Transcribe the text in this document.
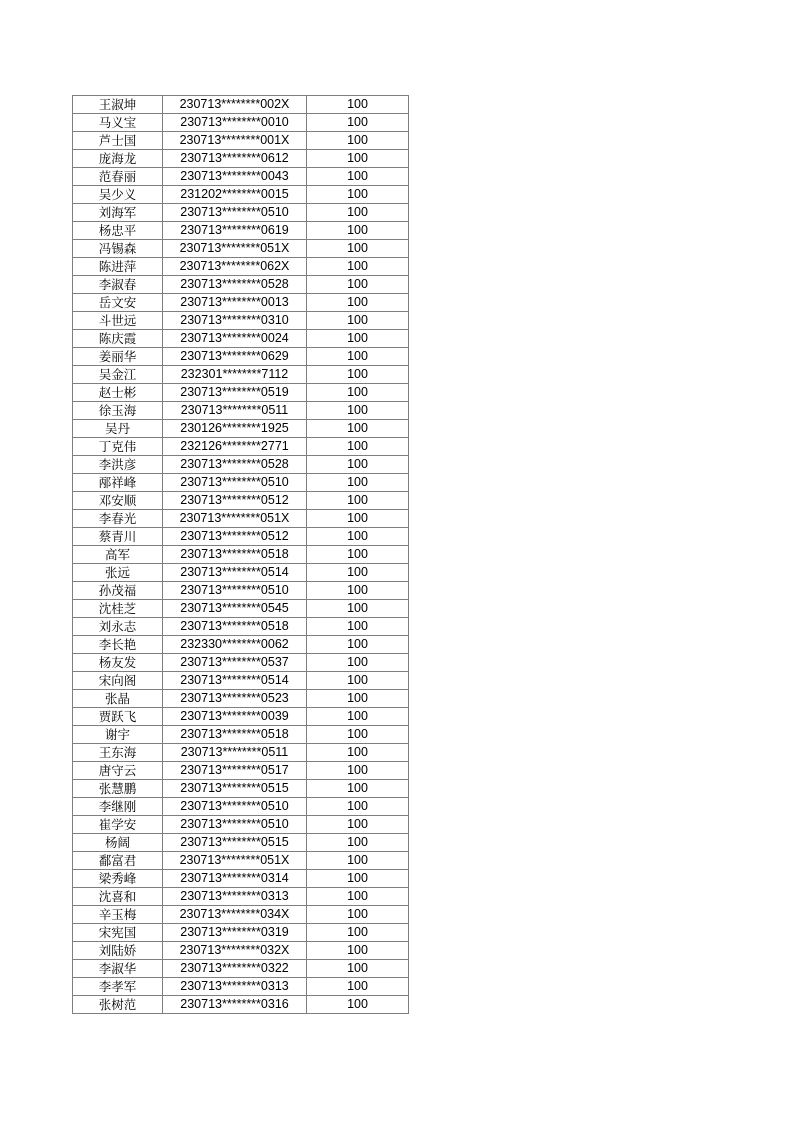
王淑坤	230713********002X	100
马义宝	230713********0010	100
芦士国	230713********001X	100
庞海龙	230713********0612	100
范春丽	230713********0043	100
吴少义	231202********0015	100
刘海军	230713********0510	100
杨忠平	230713********0619	100
冯锡森	230713********051X	100
陈进萍	230713********062X	100
李淑春	230713********0528	100
岳文安	230713********0013	100
斗世远	230713********0310	100
陈庆霞	230713********0024	100
姜丽华	230713********0629	100
吴金江	232301********7112	100
赵士彬	230713********0519	100
徐玉海	230713********0511	100
吴丹	230126********1925	100
丁克伟	232126********2771	100
李洪彦	230713********0528	100
邴祥峰	230713********0510	100
邓安顺	230713********0512	100
李春光	230713********051X	100
蔡青川	230713********0512	100
高军	230713********0518	100
张远	230713********0514	100
孙茂福	230713********0510	100
沈桂芝	230713********0545	100
刘永志	230713********0518	100
李长艳	232330********0062	100
杨友发	230713********0537	100
宋向阁	230713********0514	100
张晶	230713********0523	100
贾跃飞	230713********0039	100
谢宇	230713********0518	100
王东海	230713********0511	100
唐守云	230713********0517	100
张慧鹏	230713********0515	100
李继刚	230713********0510	100
崔学安	230713********0510	100
杨阔	230713********0515	100
鄱富君	230713********051X	100
梁秀峰	230713********0314	100
沈喜和	230713********0313	100
辛玉梅	230713********034X	100
宋宪国	230713********0319	100
刘陆娇	230713********032X	100
李淑华	230713********0322	100
李孝军	230713********0313	100
张树范	230713********0316	100
